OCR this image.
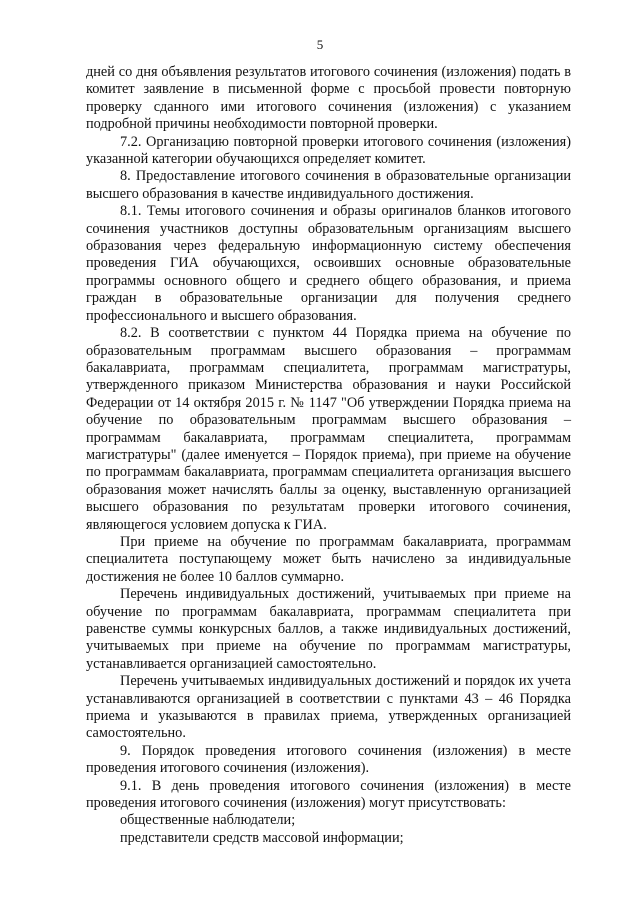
5

дней со дня объявления результатов итогового сочинения (изложения) подать в комитет заявление в письменной форме с просьбой провести повторную проверку сданного ими итогового сочинения (изложения) с указанием подробной причины необходимости повторной проверки.

7.2. Организацию повторной проверки итогового сочинения (изложения) указанной категории обучающихся определяет комитет.

8. Предоставление итогового сочинения в образовательные организации высшего образования в качестве индивидуального достижения.

8.1. Темы итогового сочинения и образы оригиналов бланков итогового сочинения участников доступны образовательным организациям высшего образования через федеральную информационную систему обеспечения проведения ГИА обучающихся, освоивших основные образовательные программы основного общего и среднего общего образования, и приема граждан в образовательные организации для получения среднего профессионального и высшего образования.

8.2. В соответствии с пунктом 44 Порядка приема на обучение по образовательным программам высшего образования – программам бакалавриата, программам специалитета, программам магистратуры, утвержденного приказом Министерства образования и науки Российской Федерации от 14 октября 2015 г. № 1147 "Об утверждении Порядка приема на обучение по образовательным программам высшего образования – программам бакалавриата, программам специалитета, программам магистратуры" (далее именуется – Порядок приема), при приеме на обучение по программам бакалавриата, программам специалитета организация высшего образования может начислять баллы за оценку, выставленную организацией высшего образования по результатам проверки итогового сочинения, являющегося условием допуска к ГИА.

При приеме на обучение по программам бакалавриата, программам специалитета поступающему может быть начислено за индивидуальные достижения не более 10 баллов суммарно.

Перечень индивидуальных достижений, учитываемых при приеме на обучение по программам бакалавриата, программам специалитета при равенстве суммы конкурсных баллов, а также индивидуальных достижений, учитываемых при приеме на обучение по программам магистратуры, устанавливается организацией самостоятельно.

Перечень учитываемых индивидуальных достижений и порядок их учета устанавливаются организацией в соответствии с пунктами 43 – 46 Порядка приема и указываются в правилах приема, утвержденных организацией самостоятельно.

9. Порядок проведения итогового сочинения (изложения) в месте проведения итогового сочинения (изложения).

9.1. В день проведения итогового сочинения (изложения) в месте проведения итогового сочинения (изложения) могут присутствовать:

общественные наблюдатели;

представители средств массовой информации;
